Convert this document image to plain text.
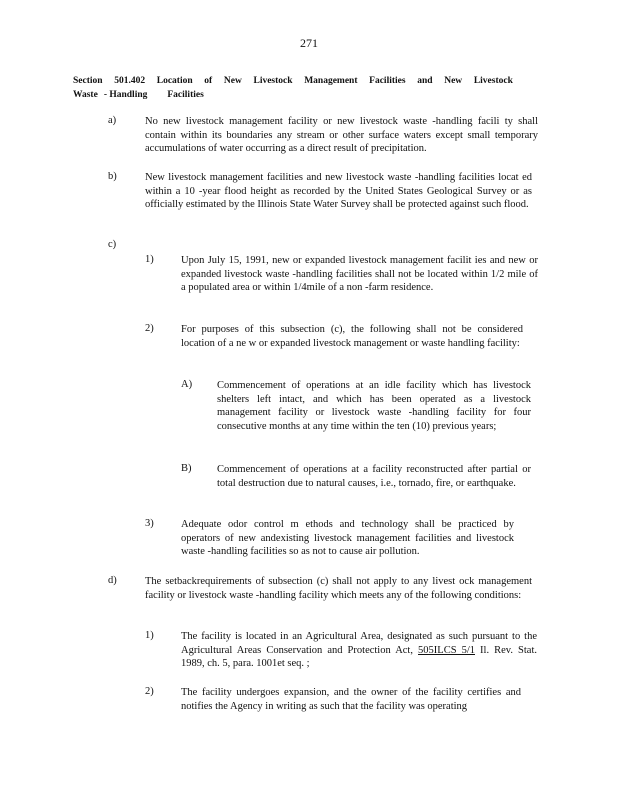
271
Section 501.402 Location of New Livestock Management Facilities and New Livestock
Waste - Handling Facilities
a)	No new livestock management facility or new livestock waste -handling facili ty shall contain within its boundaries any stream or other surface waters except small temporary accumulations of water occurring as a direct result of precipitation.
b)	New livestock management facilities and new livestock waste -handling facilities locat ed within a 10 -year flood height as recorded by the United States Geological Survey or as officially estimated by the Illinois State Water Survey shall be protected against such flood.
c)
1)	Upon July 15, 1991, new or expanded livestock management facilit ies and new or expanded livestock waste -handling facilities shall not be located within 1/2 mile of a populated area or within 1/4mile of a non -farm residence.
2)	For purposes of this subsection (c), the following shall not be considered location of a ne w or expanded livestock management or waste handling facility:
A) Commencement of operations at an idle facility which has livestock shelters left intact, and which has been operated as a livestock management facility or livestock waste -handling facility for four consecutive months at any time within the ten (10) previous years;
B) Commencement of operations at a facility reconstructed after partial or total destruction due to natural causes, i.e., tornado, fire, or earthquake.
3)	Adequate odor control m ethods and technology shall be practiced by operators of new andexisting livestock management facilities and livestock waste -handling facilities so as not to cause air pollution.
d)	The setbackrequirements of subsection (c) shall not apply to any livest ock management facility or livestock waste -handling facility which meets any of the following conditions:
1)	The facility is located in an Agricultural Area, designated as such pursuant to the Agricultural Areas Conservation and Protection Act, 505ILCS 5/1 Il. Rev. Stat. 1989, ch. 5, para. 1001et seq. ;
2)	The facility undergoes expansion, and the owner of the facility certifies and notifies the Agency in writing as such that the facility was operating
